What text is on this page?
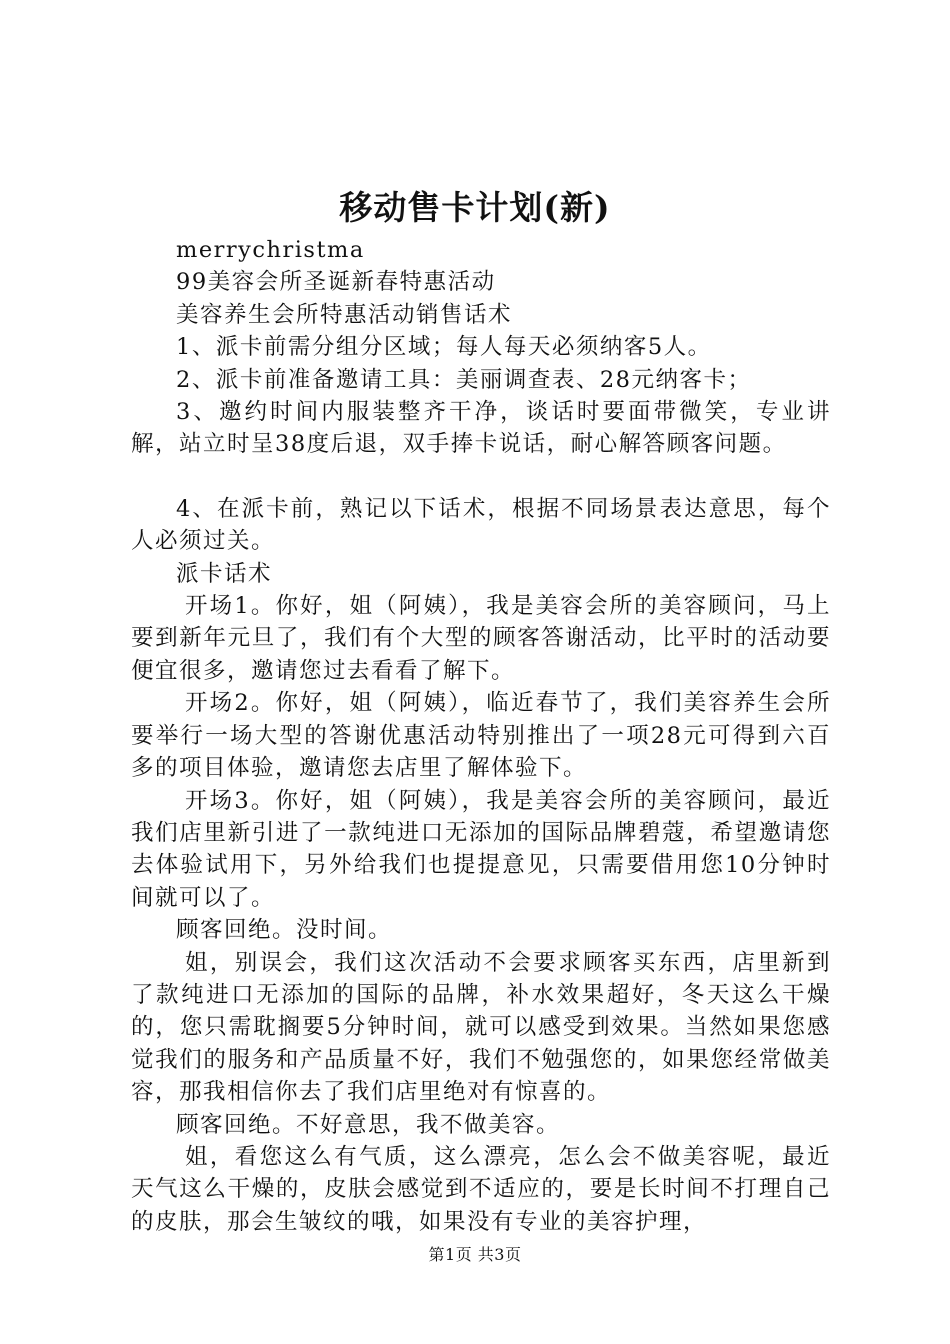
移动售卡计划(新)

merrychristma

99美容会所圣诞新春特惠活动

美容养生会所特惠活动销售话术

1、派卡前需分组分区域；每人每天必须纳客5人。

2、派卡前准备邀请工具：美丽调查表、28元纳客卡；

3、邀约时间内服装整齐干净，谈话时要面带微笑，专业讲解，站立时呈38度后退，双手捧卡说话，耐心解答顾客问题。

4、在派卡前，熟记以下话术，根据不同场景表达意思，每个人必须过关。

派卡话术

开场1。你好，姐（阿姨），我是美容会所的美容顾问，马上要到新年元旦了，我们有个大型的顾客答谢活动，比平时的活动要便宜很多，邀请您过去看看了解下。

开场2。你好，姐（阿姨），临近春节了，我们美容养生会所要举行一场大型的答谢优惠活动特别推出了一项28元可得到六百多的项目体验，邀请您去店里了解体验下。

开场3。你好，姐（阿姨），我是美容会所的美容顾问，最近我们店里新引进了一款纯进口无添加的国际品牌碧蔻，希望邀请您去体验试用下，另外给我们也提提意见，只需要借用您10分钟时间就可以了。

顾客回绝。没时间。

姐，别误会，我们这次活动不会要求顾客买东西，店里新到了款纯进口无添加的国际的品牌，补水效果超好，冬天这么干燥的，您只需耽搁要5分钟时间，就可以感受到效果。当然如果您感觉我们的服务和产品质量不好，我们不勉强您的，如果您经常做美容，那我相信你去了我们店里绝对有惊喜的。

顾客回绝。不好意思，我不做美容。

姐，看您这么有气质，这么漂亮，怎么会不做美容呢，最近天气这么干燥的，皮肤会感觉到不适应的，要是长时间不打理自己的皮肤，那会生皱纹的哦，如果没有专业的美容护理，

第1页 共3页
